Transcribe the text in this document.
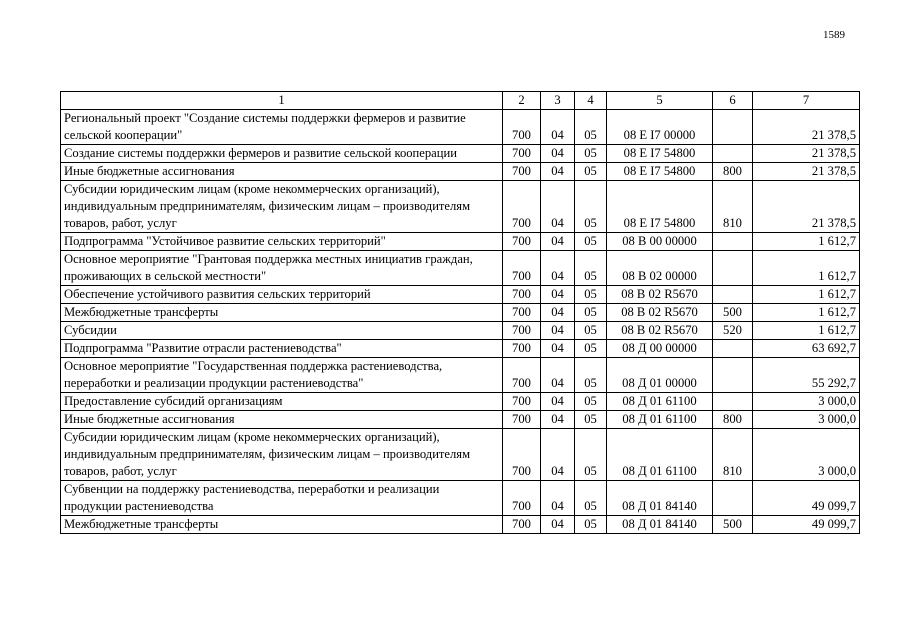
1589
1	2	3	4	5	6	7
Региональный проект "Создание системы поддержки фермеров и развитие сельской кооперации"	700	04	05	08 Е I7 00000		21 378,5
Создание системы поддержки фермеров и развитие сельской кооперации	700	04	05	08 Е I7 54800		21 378,5
Иные бюджетные ассигнования	700	04	05	08 Е I7 54800	800	21 378,5
Субсидии юридическим лицам (кроме некоммерческих организаций), индивидуальным предпринимателям, физическим лицам – производителям товаров, работ, услуг	700	04	05	08 Е I7 54800	810	21 378,5
Подпрограмма "Устойчивое развитие сельских территорий"	700	04	05	08 В 00 00000		1 612,7
Основное мероприятие "Грантовая поддержка местных инициатив граждан, проживающих в сельской местности"	700	04	05	08 В 02 00000		1 612,7
Обеспечение устойчивого развития сельских территорий	700	04	05	08 В 02 R5670		1 612,7
Межбюджетные трансферты	700	04	05	08 В 02 R5670	500	1 612,7
Субсидии	700	04	05	08 В 02 R5670	520	1 612,7
Подпрограмма "Развитие отрасли растениеводства"	700	04	05	08 Д 00 00000		63 692,7
Основное мероприятие "Государственная поддержка растениеводства, переработки и реализации продукции растениеводства"	700	04	05	08 Д 01 00000		55 292,7
Предоставление субсидий организациям	700	04	05	08 Д 01 61100		3 000,0
Иные бюджетные ассигнования	700	04	05	08 Д 01 61100	800	3 000,0
Субсидии юридическим лицам (кроме некоммерческих организаций), индивидуальным предпринимателям, физическим лицам – производителям товаров, работ, услуг	700	04	05	08 Д 01 61100	810	3 000,0
Субвенции на поддержку растениеводства, переработки и реализации продукции растениеводства	700	04	05	08 Д 01 84140		49 099,7
Межбюджетные трансферты	700	04	05	08 Д 01 84140	500	49 099,7
